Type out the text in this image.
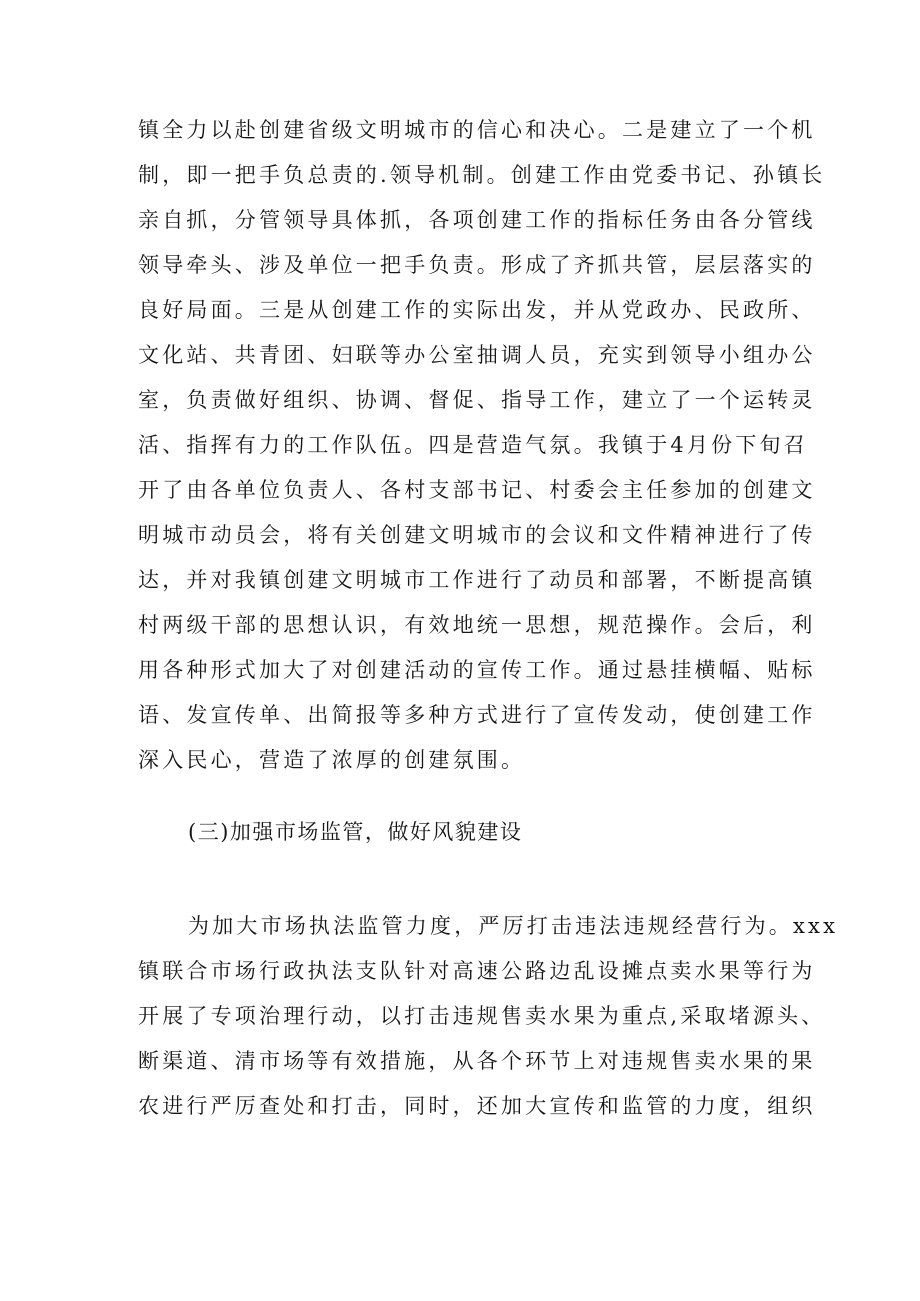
镇全力以赴创建省级文明城市的信心和决心。二是建立了一个机
制，即一把手负总责的.领导机制。创建工作由党委书记、孙镇长
亲自抓，分管领导具体抓，各项创建工作的指标任务由各分管线
领导牵头、涉及单位一把手负责。形成了齐抓共管，层层落实的
良好局面。三是从创建工作的实际出发，并从党政办、民政所、
文化站、共青团、妇联等办公室抽调人员，充实到领导小组办公
室，负责做好组织、协调、督促、指导工作，建立了一个运转灵
活、指挥有力的工作队伍。四是营造气氛。我镇于4月份下旬召
开了由各单位负责人、各村支部书记、村委会主任参加的创建文
明城市动员会，将有关创建文明城市的会议和文件精神进行了传
达，并对我镇创建文明城市工作进行了动员和部署，不断提高镇
村两级干部的思想认识，有效地统一思想，规范操作。会后，利
用各种形式加大了对创建活动的宣传工作。通过悬挂横幅、贴标
语、发宣传单、出简报等多种方式进行了宣传发动，使创建工作
深入民心，营造了浓厚的创建氛围。
(三)加强市场监管，做好风貌建设
为加大市场执法监管力度，严厉打击违法违规经营行为。xxx
镇联合市场行政执法支队针对高速公路边乱设摊点卖水果等行为
开展了专项治理行动，以打击违规售卖水果为重点,采取堵源头、
断渠道、清市场等有效措施，从各个环节上对违规售卖水果的果
农进行严厉查处和打击，同时，还加大宣传和监管的力度，组织
